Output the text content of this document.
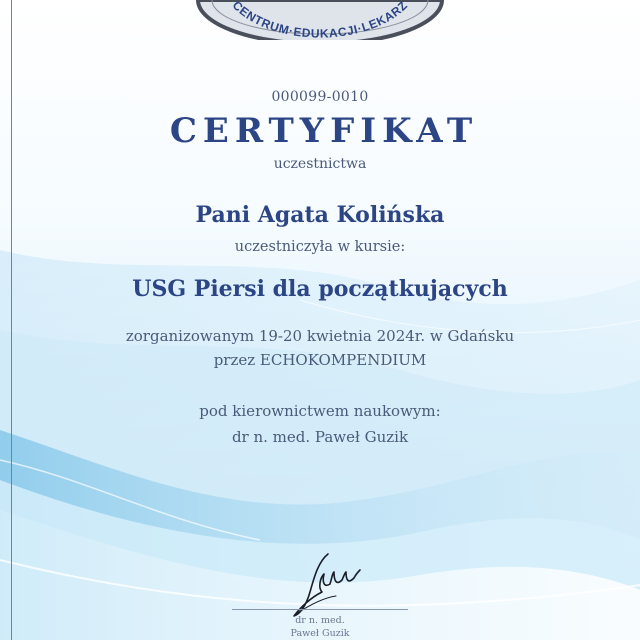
CENTRUM·EDUKACJI·LEKARZ
000099-0010
CERTYFIKAT
uczestnictwa
Pani Agata Kolińska
uczestniczyła w kursie:
USG Piersi dla początkujących
zorganizowanym 19-20 kwietnia 2024r. w Gdańsku
przez ECHOKOMPENDIUM
pod kierownictwem naukowym:
dr n. med. Paweł Guzik
dr n. med.
Paweł Guzik
